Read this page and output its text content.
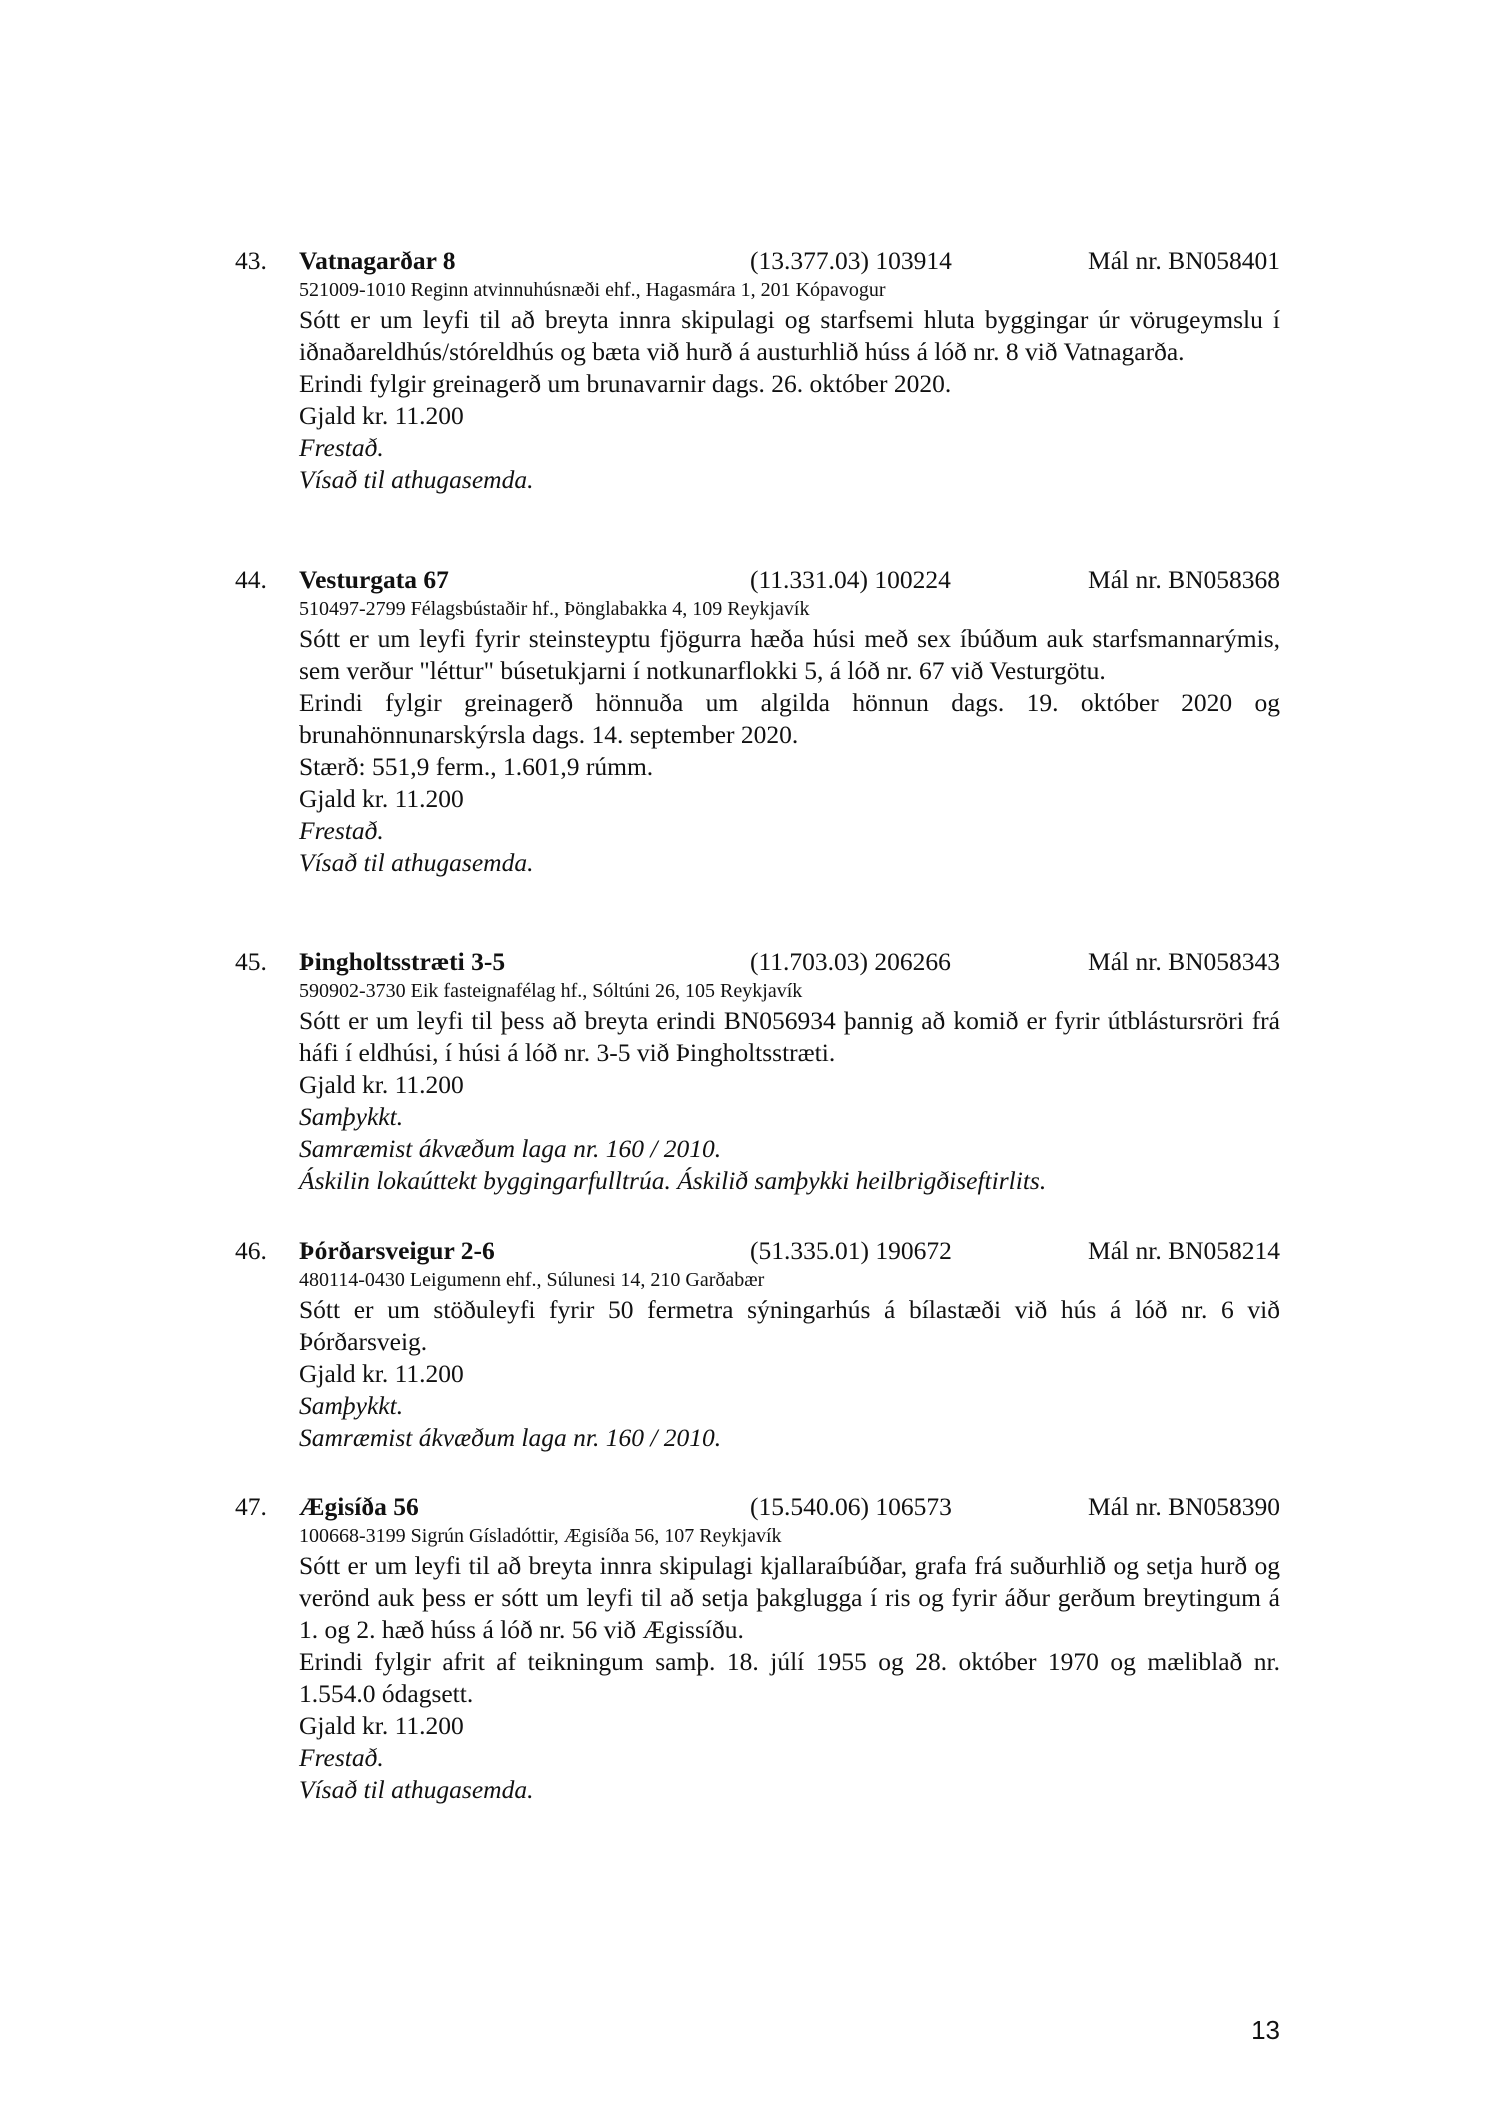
43. Vatnagarðar 8	(13.377.03) 103914	Mál nr. BN058401
521009-1010 Reginn atvinnuhúsnæði ehf., Hagasmára 1, 201 Kópavogur
Sótt er um leyfi til að breyta innra skipulagi og starfsemi hluta byggingar úr vörugeymslu í iðnaðareldhús/stóreldhús og bæta við hurð á austurhlið húss á lóð nr. 8 við Vatnagarða.
Erindi fylgir greinagerð um brunavarnir dags. 26. október 2020.
Gjald kr. 11.200
Frestað.
Vísað til athugasemda.
44. Vesturgata 67	(11.331.04) 100224	Mál nr. BN058368
510497-2799 Félagsbústaðir hf., Þönglabakka 4, 109 Reykjavík
Sótt er um leyfi fyrir steinsteyptu fjögurra hæða húsi með sex íbúðum auk starfsmannarýmis, sem verður "léttur" búsetukjarni í notkunarflokki 5, á lóð nr. 67 við Vesturgötu.
Erindi fylgir greinagerð hönnuða um algilda hönnun dags. 19. október 2020 og brunahönnunarskýrsla dags. 14. september 2020.
Stærð: 551,9 ferm., 1.601,9 rúmm.
Gjald kr. 11.200
Frestað.
Vísað til athugasemda.
45. Þingholtsstræti 3-5	(11.703.03) 206266	Mál nr. BN058343
590902-3730 Eik fasteignafélag hf., Sóltúni 26, 105 Reykjavík
Sótt er um leyfi til þess að breyta erindi BN056934 þannig að komið er fyrir útblástursröri frá háfi í eldhúsi, í húsi á lóð nr. 3-5 við Þingholtsstræti.
Gjald kr. 11.200
Samþykkt.
Samræmist ákvæðum laga nr. 160 / 2010.
Áskilin lokaúttekt byggingarfulltrúa. Áskilið samþykki heilbrigðiseftirlits.
46. Þórðarsveigur 2-6	(51.335.01) 190672	Mál nr. BN058214
480114-0430 Leigumenn ehf., Súlunesi 14, 210 Garðabær
Sótt er um stöðuleyfi fyrir 50 fermetra sýningarhús á bílastæði við hús á lóð nr. 6 við Þórðarsveig.
Gjald kr. 11.200
Samþykkt.
Samræmist ákvæðum laga nr. 160 / 2010.
47. Ægisíða 56	(15.540.06) 106573	Mál nr. BN058390
100668-3199 Sigrún Gísladóttir, Ægisíða 56, 107 Reykjavík
Sótt er um leyfi til að breyta innra skipulagi kjallaraíbúðar, grafa frá suðurhlið og setja hurð og verönd auk þess er sótt um leyfi til að setja þakglugga í ris og fyrir áður gerðum breytingum á 1. og 2. hæð húss á lóð nr. 56 við Ægissíðu.
Erindi fylgir afrit af teikningum samþ. 18. júlí 1955 og 28. október 1970 og mæliblað nr. 1.554.0 ódagsett.
Gjald kr. 11.200
Frestað.
Vísað til athugasemda.
13
